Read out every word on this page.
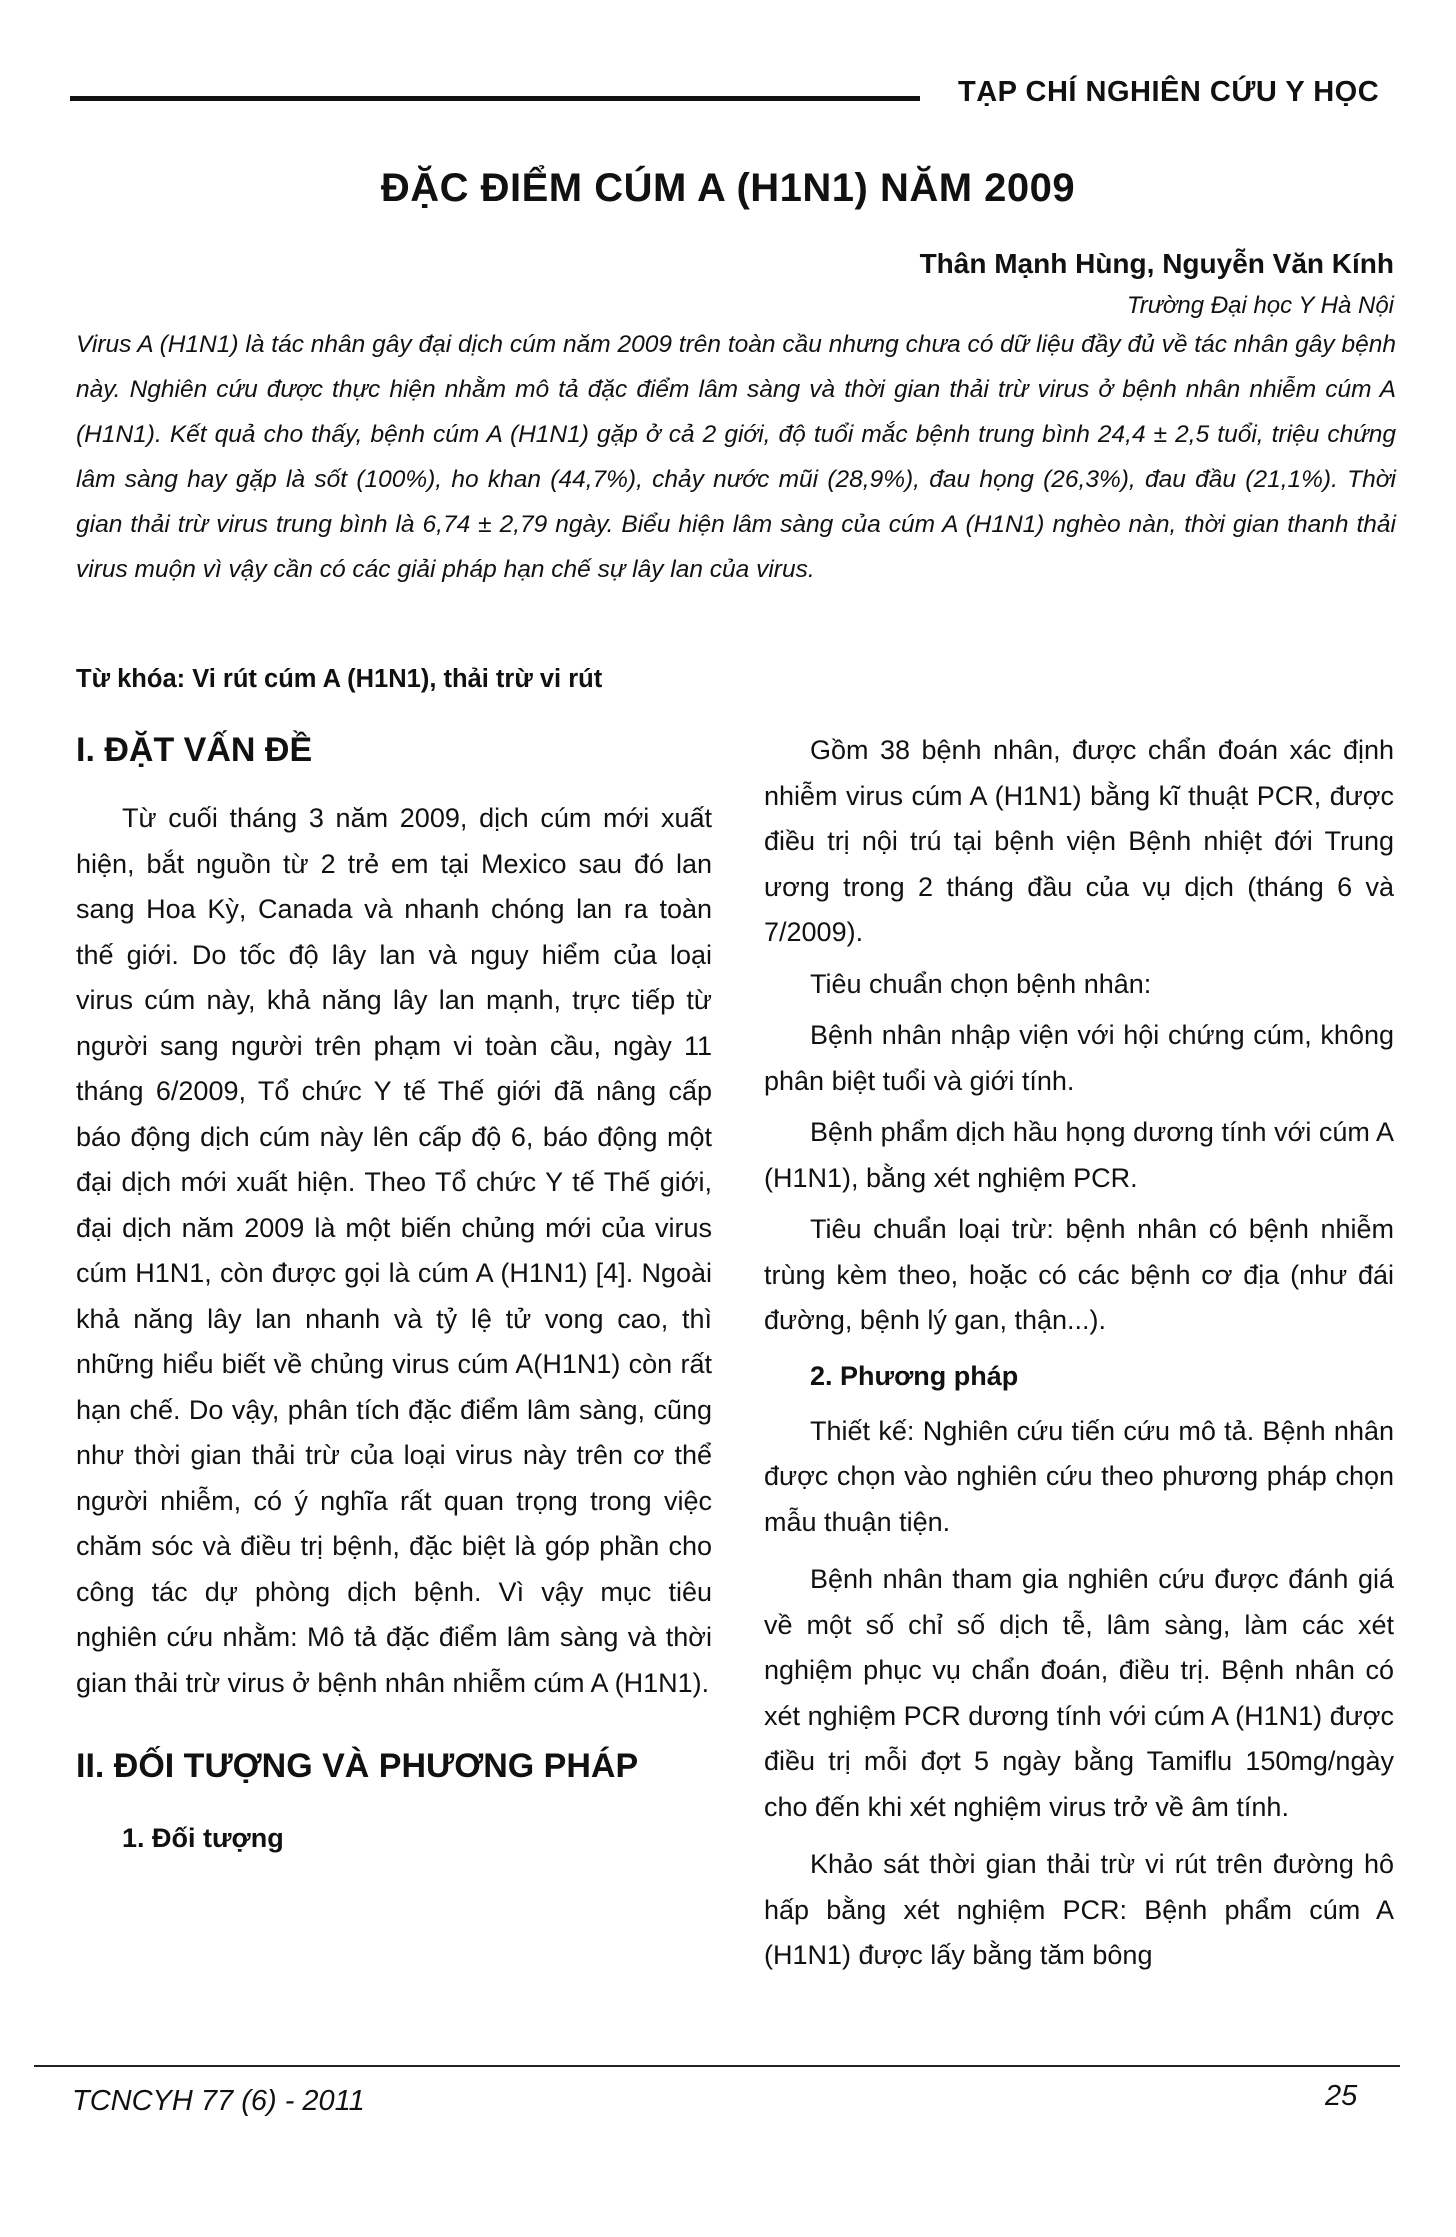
TẠP CHÍ NGHIÊN CỨU Y HỌC
ĐẶC ĐIỂM CÚM A (H1N1) NĂM 2009
Thân Mạnh Hùng, Nguyễn Văn Kính
Trường Đại học Y Hà Nội
Virus A (H1N1) là tác nhân gây đại dịch cúm năm 2009 trên toàn cầu nhưng chưa có dữ liệu đầy đủ về tác nhân gây bệnh này. Nghiên cứu được thực hiện nhằm mô tả đặc điểm lâm sàng và thời gian thải trừ virus ở bệnh nhân nhiễm cúm A (H1N1). Kết quả cho thấy, bệnh cúm A (H1N1) gặp ở cả 2 giới, độ tuổi mắc bệnh trung bình 24,4 ± 2,5 tuổi, triệu chứng lâm sàng hay gặp là sốt (100%), ho khan (44,7%), chảy nước mũi (28,9%), đau họng (26,3%), đau đầu (21,1%). Thời gian thải trừ virus trung bình là 6,74 ± 2,79 ngày. Biểu hiện lâm sàng của cúm A (H1N1) nghèo nàn, thời gian thanh thải virus muộn vì vậy cần có các giải pháp hạn chế sự lây lan của virus.
Từ khóa: Vi rút cúm A (H1N1), thải trừ vi rút
I. ĐẶT VẤN ĐỀ

Từ cuối tháng 3 năm 2009, dịch cúm mới xuất hiện, bắt nguồn từ 2 trẻ em tại Mexico sau đó lan sang Hoa Kỳ, Canada và nhanh chóng lan ra toàn thế giới. Do tốc độ lây lan và nguy hiểm của loại virus cúm này, khả năng lây lan mạnh, trực tiếp từ người sang người trên phạm vi toàn cầu, ngày 11 tháng 6/2009, Tổ chức Y tế Thế giới đã nâng cấp báo động dịch cúm này lên cấp độ 6, báo động một đại dịch mới xuất hiện. Theo Tổ chức Y tế Thế giới, đại dịch năm 2009 là một biến chủng mới của virus cúm H1N1, còn được gọi là cúm A (H1N1) [4]. Ngoài khả năng lây lan nhanh và tỷ lệ tử vong cao, thì những hiểu biết về chủng virus cúm A(H1N1) còn rất hạn chế. Do vậy, phân tích đặc điểm lâm sàng, cũng như thời gian thải trừ của loại virus này trên cơ thể người nhiễm, có ý nghĩa rất quan trọng trong việc chăm sóc và điều trị bệnh, đặc biệt là góp phần cho công tác dự phòng dịch bệnh. Vì vậy mục tiêu nghiên cứu nhằm: Mô tả đặc điểm lâm sàng và thời gian thải trừ virus ở bệnh nhân nhiễm cúm A (H1N1).

II. ĐỐI TƯỢNG VÀ PHƯƠNG PHÁP
1. Đối tượng

Gồm 38 bệnh nhân, được chẩn đoán xác định nhiễm virus cúm A (H1N1) bằng kĩ thuật PCR, được điều trị nội trú tại bệnh viện Bệnh nhiệt đới Trung ương trong 2 tháng đầu của vụ dịch (tháng 6 và 7/2009).

Tiêu chuẩn chọn bệnh nhân:

Bệnh nhân nhập viện với hội chứng cúm, không phân biệt tuổi và giới tính.

Bệnh phẩm dịch hầu họng dương tính với cúm A (H1N1), bằng xét nghiệm PCR.

Tiêu chuẩn loại trừ: bệnh nhân có bệnh nhiễm trùng kèm theo, hoặc có các bệnh cơ địa (như đái đường, bệnh lý gan, thận...).

2. Phương pháp

Thiết kế: Nghiên cứu tiến cứu mô tả. Bệnh nhân được chọn vào nghiên cứu theo phương pháp chọn mẫu thuận tiện.

Bệnh nhân tham gia nghiên cứu được đánh giá về một số chỉ số dịch tễ, lâm sàng, làm các xét nghiệm phục vụ chẩn đoán, điều trị. Bệnh nhân có xét nghiệm PCR dương tính với cúm A (H1N1) được điều trị mỗi đợt 5 ngày bằng Tamiflu 150mg/ngày cho đến khi xét nghiệm virus trở về âm tính.

Khảo sát thời gian thải trừ vi rút trên đường hô hấp bằng xét nghiệm PCR: Bệnh phẩm cúm A (H1N1) được lấy bằng tăm bông

TCNCYH 77 (6) - 2011	25
